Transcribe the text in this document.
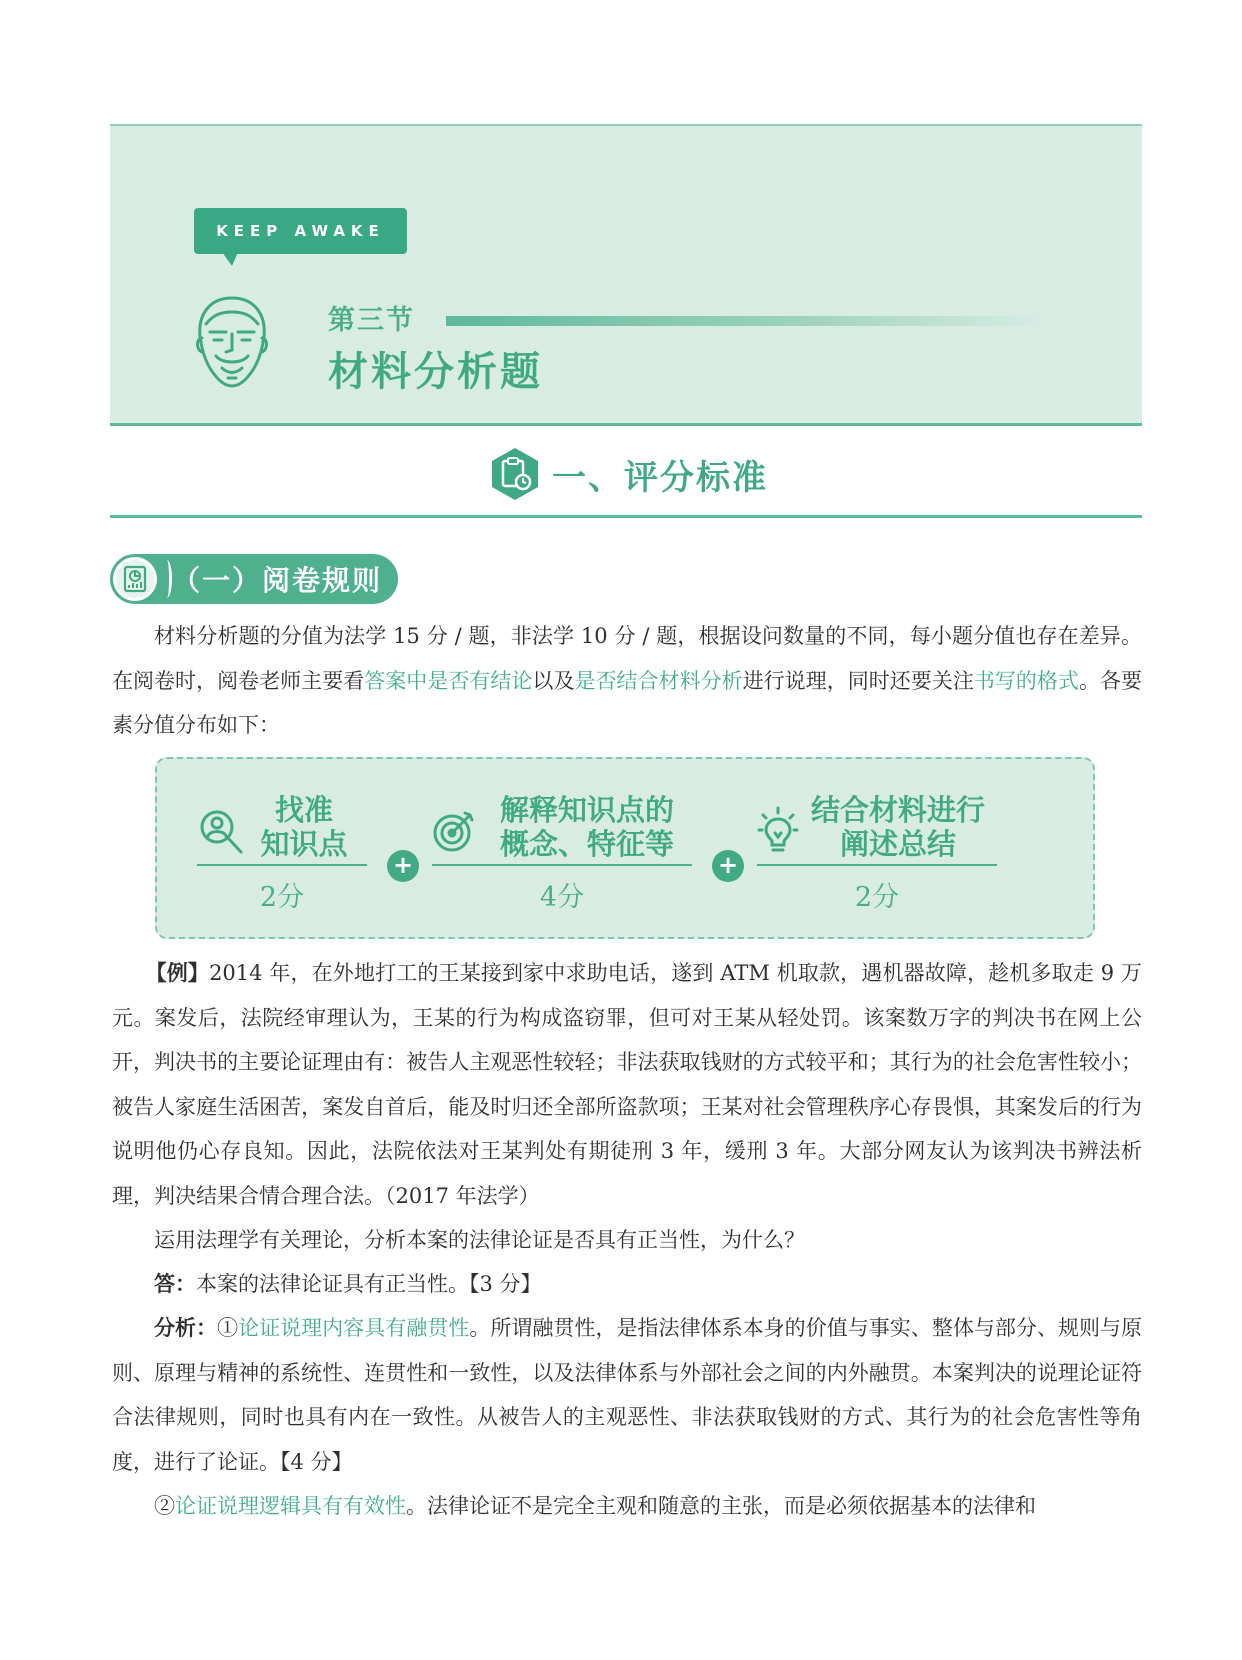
KEEP AWAKE
第三节
材料分析题
一、评分标准
（一）阅卷规则

材料分析题的分值为法学 15 分 / 题，非法学 10 分 / 题，根据设问数量的不同，每小题分值也存在差异。在阅卷时，阅卷老师主要看答案中是否有结论以及是否结合材料分析进行说理，同时还要关注书写的格式。各要素分值分布如下：

找准
知识点
2分
+
解释知识点的
概念、特征等
4分
+
结合材料进行
阐述总结
2分

【例】2014 年，在外地打工的王某接到家中求助电话，遂到 ATM 机取款，遇机器故障，趁机多取走 9 万元。案发后，法院经审理认为，王某的行为构成盗窃罪，但可对王某从轻处罚。该案数万字的判决书在网上公开，判决书的主要论证理由有：被告人主观恶性较轻；非法获取钱财的方式较平和；其行为的社会危害性较小；被告人家庭生活困苦，案发自首后，能及时归还全部所盗款项；王某对社会管理秩序心存畏惧，其案发后的行为说明他仍心存良知。因此，法院依法对王某判处有期徒刑 3 年，缓刑 3 年。大部分网友认为该判决书辨法析理，判决结果合情合理合法。（2017 年法学）

运用法理学有关理论，分析本案的法律论证是否具有正当性，为什么？

答：本案的法律论证具有正当性。【3 分】

分析：①论证说理内容具有融贯性。所谓融贯性，是指法律体系本身的价值与事实、整体与部分、规则与原则、原理与精神的系统性、连贯性和一致性，以及法律体系与外部社会之间的内外融贯。本案判决的说理论证符合法律规则，同时也具有内在一致性。从被告人的主观恶性、非法获取钱财的方式、其行为的社会危害性等角度，进行了论证。【4 分】

②论证说理逻辑具有有效性。法律论证不是完全主观和随意的主张，而是必须依据基本的法律和
